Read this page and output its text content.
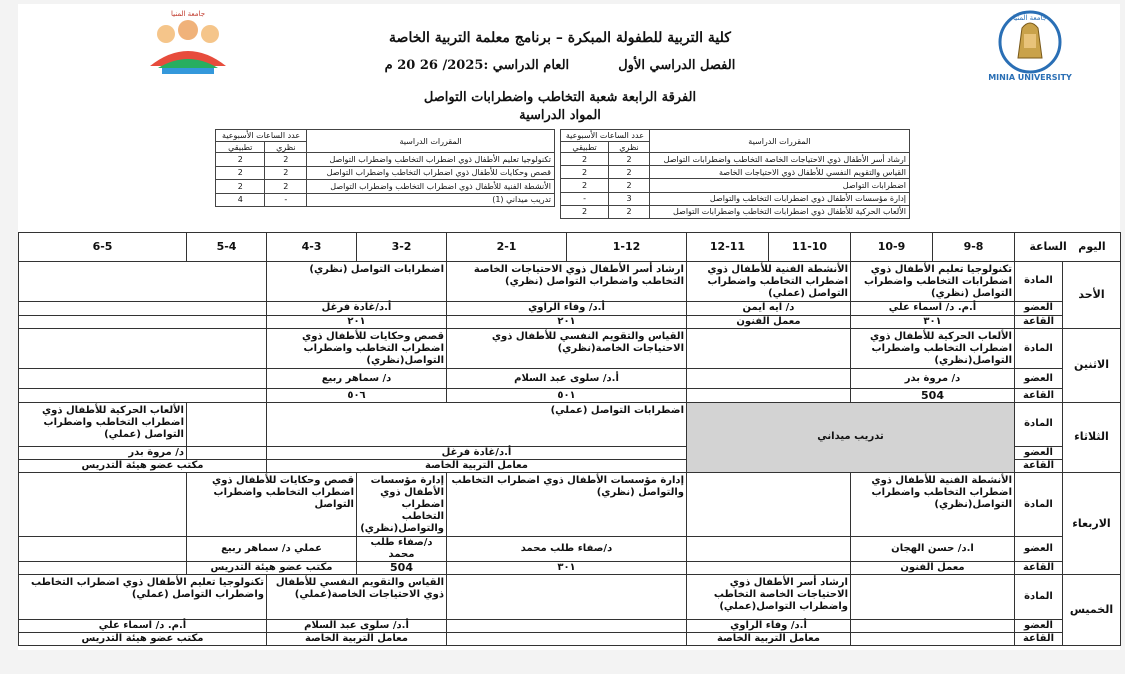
جامعة المنيا
MINIA UNIVERSITY
جامعة المنيا
كلية التربية للطفولة المبكرة – برنامج معلمة التربية الخاصة
الفصل الدراسي الأول  العام الدراسي :2025/ 26 20 م
الفرقة الرابعة شعبة التخاطب واضطرابات التواصل
المواد الدراسية
المقررات الدراسية	عدد الساعات الأسبوعية	
	نظري	تطبيقي
ارشاد أسر الأطفال ذوي الاحتياجات الخاصة التخاطب واضطرابات التواصل	2	2
القياس والتقويم النفسي للأطفال ذوي الاحتياجات الخاصة	2	2
اضطرابات التواصل	2	2
إدارة مؤسسات الأطفال ذوي اضطرابات التخاطب والتواصل	3	-
الألعاب الحركية للأطفال ذوي اضطرابات التخاطب واضطرابات التواصل	2	2
المقررات الدراسية	عدد الساعات الأسبوعية	
	نظري	تطبيقي
تكنولوجيا تعليم الأطفال ذوي اضطراب التخاطب واضطراب التواصل	2	2
قصص وحكايات للأطفال ذوي اضطراب التخاطب واضطراب التواصل	2	2
الأنشطة الفنية للأطفال ذوي اضطراب التخاطب واضطراب التواصل	2	2
تدريب ميداني (1)	-	4
اليوم   الساعة		9-8	10-9	11-10	12-11	1-12	2-1	3-2	4-3	5-4	6-5
الأحد	المادة	تكنولوجيا تعليم الأطفال ذوي اضطرابات التخاطب واضطراب التواصل (نظري)		الأنشطة الفنية للأطفال ذوي اضطراب التخاطب واضطراب التواصل (عملي)		ارشاد أسر الأطفال ذوي الاحتياجات الخاصة التخاطب واضطراب التواصل (نظري)		اضطرابات التواصل (نظري)			
	العضو	أ.م. د/ اسماء علي		د/ ايه ايمن		أ.د/ وفاء الراوي		أ.د/غادة فرغل			
	القاعة	٣٠١		معمل الفنون		٢٠١		٢٠١			
الاثنين	المادة	الألعاب الحركية للأطفال ذوي اضطراب التخاطب واضطراب التواصل(نظري)				القياس والتقويم النفسي للأطفال ذوي الاحتياجات الخاصة(نظري)		قصص وحكايات للأطفال ذوي اضطراب التخاطب واضطراب التواصل(نظري)			
	العضو	د/ مروة بدر				أ.د/ سلوى عبد السلام		د/ سماهر ربيع			
	القاعة	504				٥٠١		٥٠٦			
الثلاثاء	المادة	تدريب ميداني				اضطرابات التواصل (عملي)					الألعاب الحركية للأطفال ذوي اضطراب التخاطب واضطراب التواصل (عملي)
	العضو					أ.د/غادة فرغل					د/ مروة بدر
	القاعة					معامل التربية الخاصة				مكتب عضو هيئة التدريس	
الاربعاء	المادة	الأنشطة الفنية للأطفال ذوي اضطراب التخاطب واضطراب التواصل(نظري)				إدارة مؤسسات الأطفال ذوي اضطراب التخاطب والتواصل (نظري)		إدارة مؤسسات الأطفال ذوي اضطراب التخاطب والتواصل(نظري)	قصص وحكايات للأطفال ذوي اضطراب التخاطب واضطراب التواصل		
	العضو	ا.د/ حسن الهجان				د/صفاء طلب محمد		د/صفاء طلب محمد	عملي د/ سماهر ربيع		
	القاعة	معمل الفنون				٣٠١		504	مكتب عضو هيئة التدريس		
الخميس	المادة			ارشاد أسر الأطفال ذوي الاحتياجات الخاصة التخاطب واضطراب التواصل(عملي)				القياس والتقويم النفسي للأطفال ذوي الاحتياجات الخاصة(عملي)		تكنولوجيا تعليم الأطفال ذوي اضطراب التخاطب واضطراب التواصل (عملي)	
	العضو			أ.د/ وفاء الراوي				أ.د/ سلوى عبد السلام		أ.م. د/ اسماء علي	
	القاعة			معامل التربية الخاصة				معامل التربية الخاصة		مكتب عضو هيئة التدريس	
